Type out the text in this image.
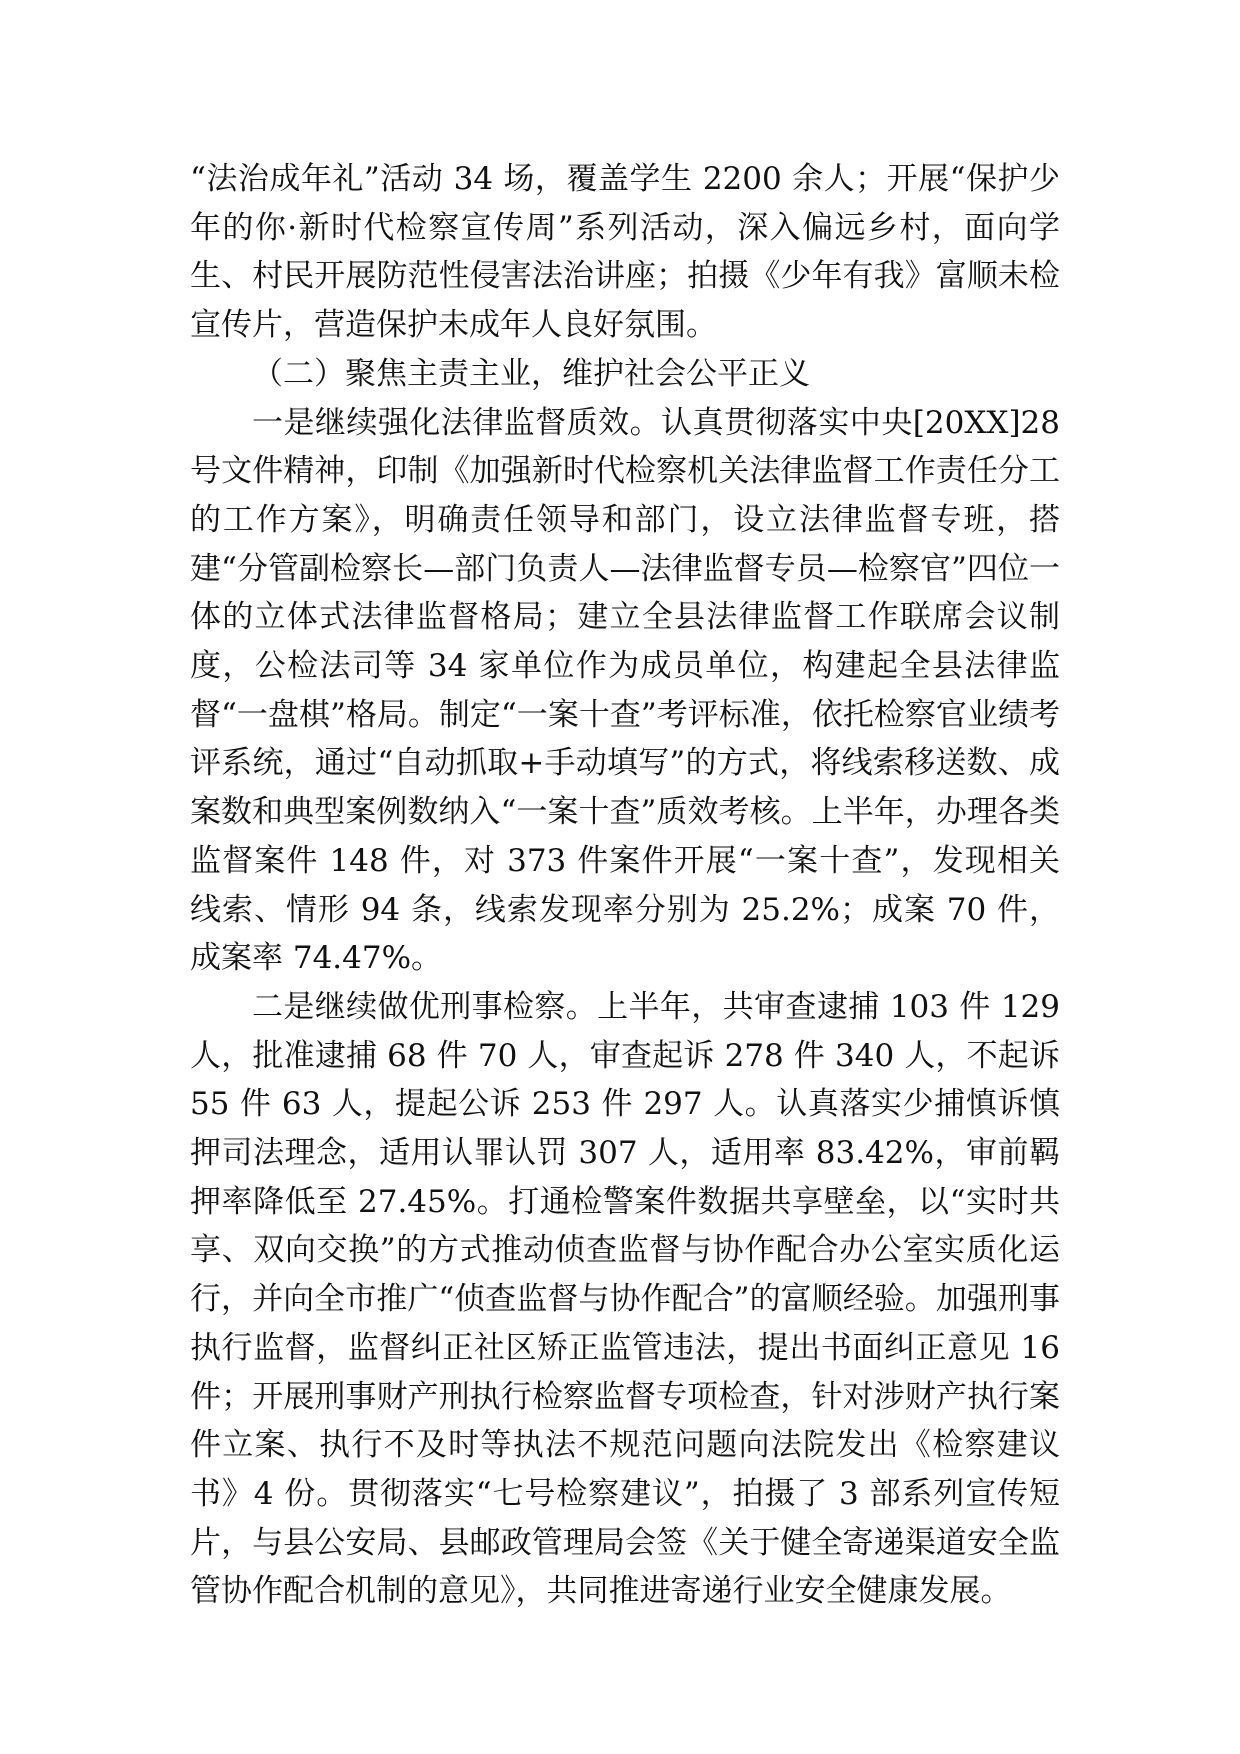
“法治成年礼”活动 34 场，覆盖学生 2200 余人；开展“保护少年的你·新时代检察宣传周”系列活动，深入偏远乡村，面向学生、村民开展防范性侵害法治讲座；拍摄《少年有我》富顺未检宣传片，营造保护未成年人良好氛围。

（二）聚焦主责主业，维护社会公平正义

一是继续强化法律监督质效。认真贯彻落实中央[20XX]28 号文件精神，印制《加强新时代检察机关法律监督工作责任分工的工作方案》，明确责任领导和部门，设立法律监督专班，搭建“分管副检察长—部门负责人—法律监督专员—检察官”四位一体的立体式法律监督格局；建立全县法律监督工作联席会议制度，公检法司等 34 家单位作为成员单位，构建起全县法律监督“一盘棋”格局。制定“一案十查”考评标准，依托检察官业绩考评系统，通过“自动抓取+手动填写”的方式，将线索移送数、成案数和典型案例数纳入“一案十查”质效考核。上半年，办理各类监督案件 148 件，对 373 件案件开展“一案十查”，发现相关线索、情形 94 条，线索发现率分别为 25.2%；成案 70 件，成案率 74.47%。

二是继续做优刑事检察。上半年，共审查逮捕 103 件 129 人，批准逮捕 68 件 70 人，审查起诉 278 件 340 人，不起诉 55 件 63 人，提起公诉 253 件 297 人。认真落实少捕慎诉慎押司法理念，适用认罪认罚 307 人，适用率 83.42%，审前羁押率降低至 27.45%。打通检警案件数据共享壁垒，以“实时共享、双向交换”的方式推动侦查监督与协作配合办公室实质化运行，并向全市推广“侦查监督与协作配合”的富顺经验。加强刑事执行监督，监督纠正社区矫正监管违法，提出书面纠正意见 16 件；开展刑事财产刑执行检察监督专项检查，针对涉财产执行案件立案、执行不及时等执法不规范问题向法院发出《检察建议书》4 份。贯彻落实“七号检察建议”，拍摄了 3 部系列宣传短片，与县公安局、县邮政管理局会签《关于健全寄递渠道安全监管协作配合机制的意见》，共同推进寄递行业安全健康发展。
